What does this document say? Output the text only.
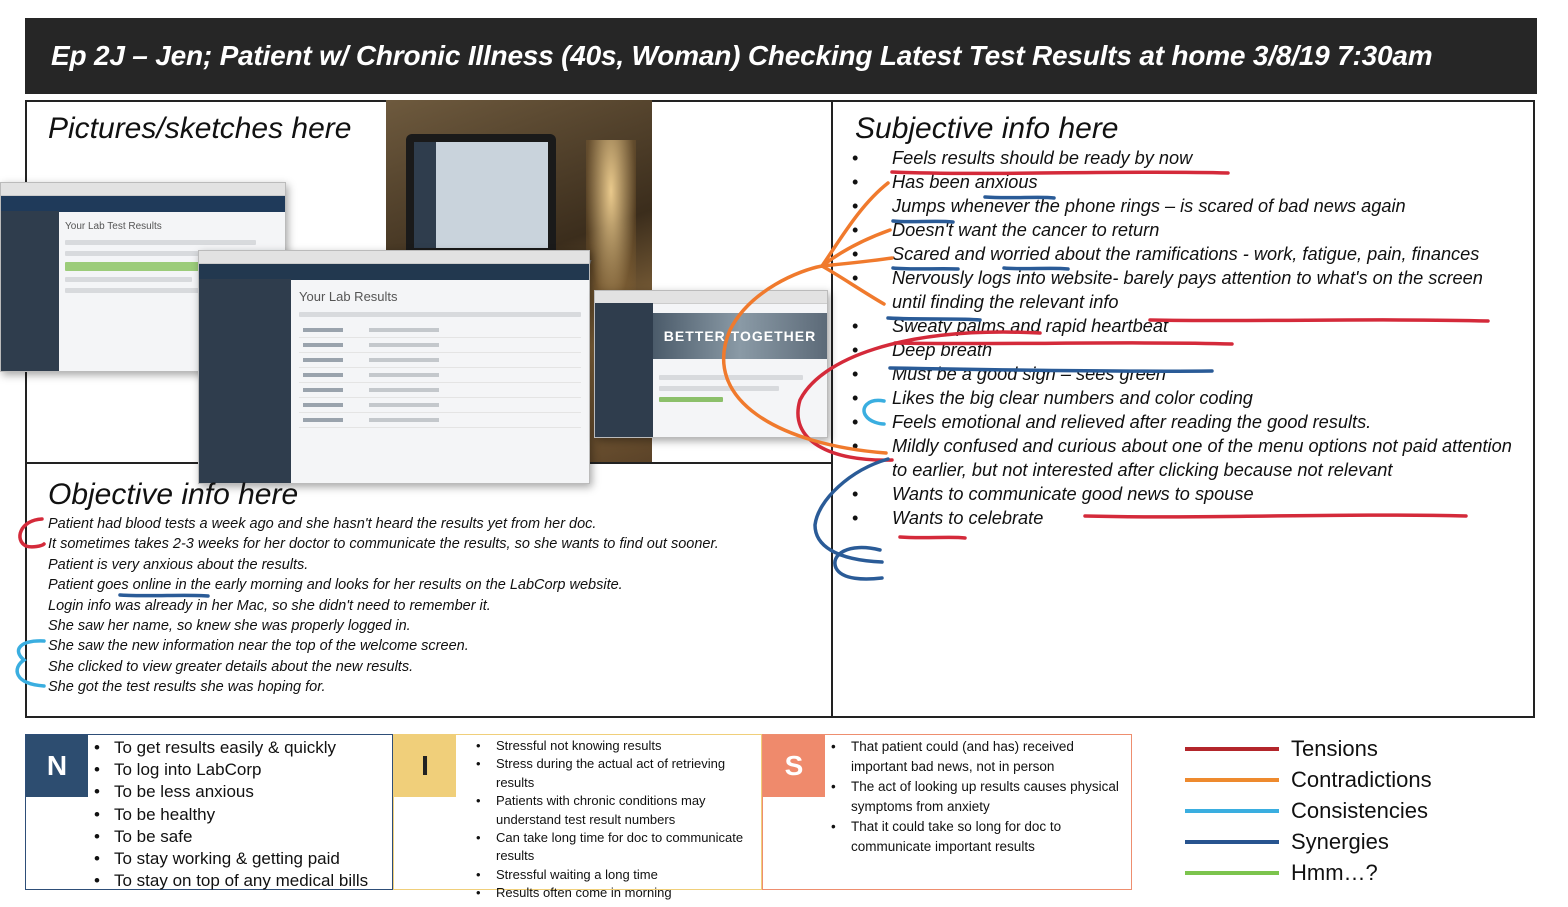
Ep 2J – Jen; Patient w/ Chronic Illness (40s, Woman) Checking Latest Test Results at home 3/8/19 7:30am
Pictures/sketches here
Your Lab Test Results
Your Lab Results
BETTER TOGETHER
Objective info here
Patient had blood tests a week ago and she hasn't heard the results yet from her doc.
It sometimes takes 2-3 weeks for her doctor to communicate the results, so she wants to find out sooner.
Patient is very anxious about the results.
Patient goes online in the early morning and looks for her results on the LabCorp website.
Login info was already in her Mac, so she didn't need to remember it.
She saw her name, so knew she was properly logged in.
She saw the new information near the top of the welcome screen.
She clicked to view greater details about the new results.
She got the test results she was hoping for.
Subjective info here
• Feels results should be ready by now
• Has been anxious
• Jumps whenever the phone rings – is scared of bad news again
• Doesn't want the cancer to return
• Scared and worried about the ramifications - work, fatigue, pain, finances
• Nervously logs into website- barely pays attention to what's on the screen until finding the relevant info
• Sweaty palms and rapid heartbeat
• Deep breath
• Must be a good sign – sees green
• Likes the big clear numbers and color coding
• Feels emotional and relieved after reading the good results.
• Mildly confused and curious about one of the menu options not paid attention to earlier, but not interested after clicking because not relevant
• Wants to communicate good news to spouse
• Wants to celebrate
N
• To get results easily & quickly
• To log into LabCorp
• To be less anxious
• To be healthy
• To be safe
• To stay working & getting paid
• To stay on top of any medical bills
I
• Stressful not knowing results
• Stress during the actual act of retrieving results
• Patients with chronic conditions may understand test result numbers
• Can take long time for doc to communicate results
• Stressful waiting a long time
• Results often come in morning
S
• That patient could (and has) received important bad news, not in person
• The act of looking up results causes physical symptoms from anxiety
• That it could take so long for doc to communicate important results
Tensions
Contradictions
Consistencies
Synergies
Hmm…?
